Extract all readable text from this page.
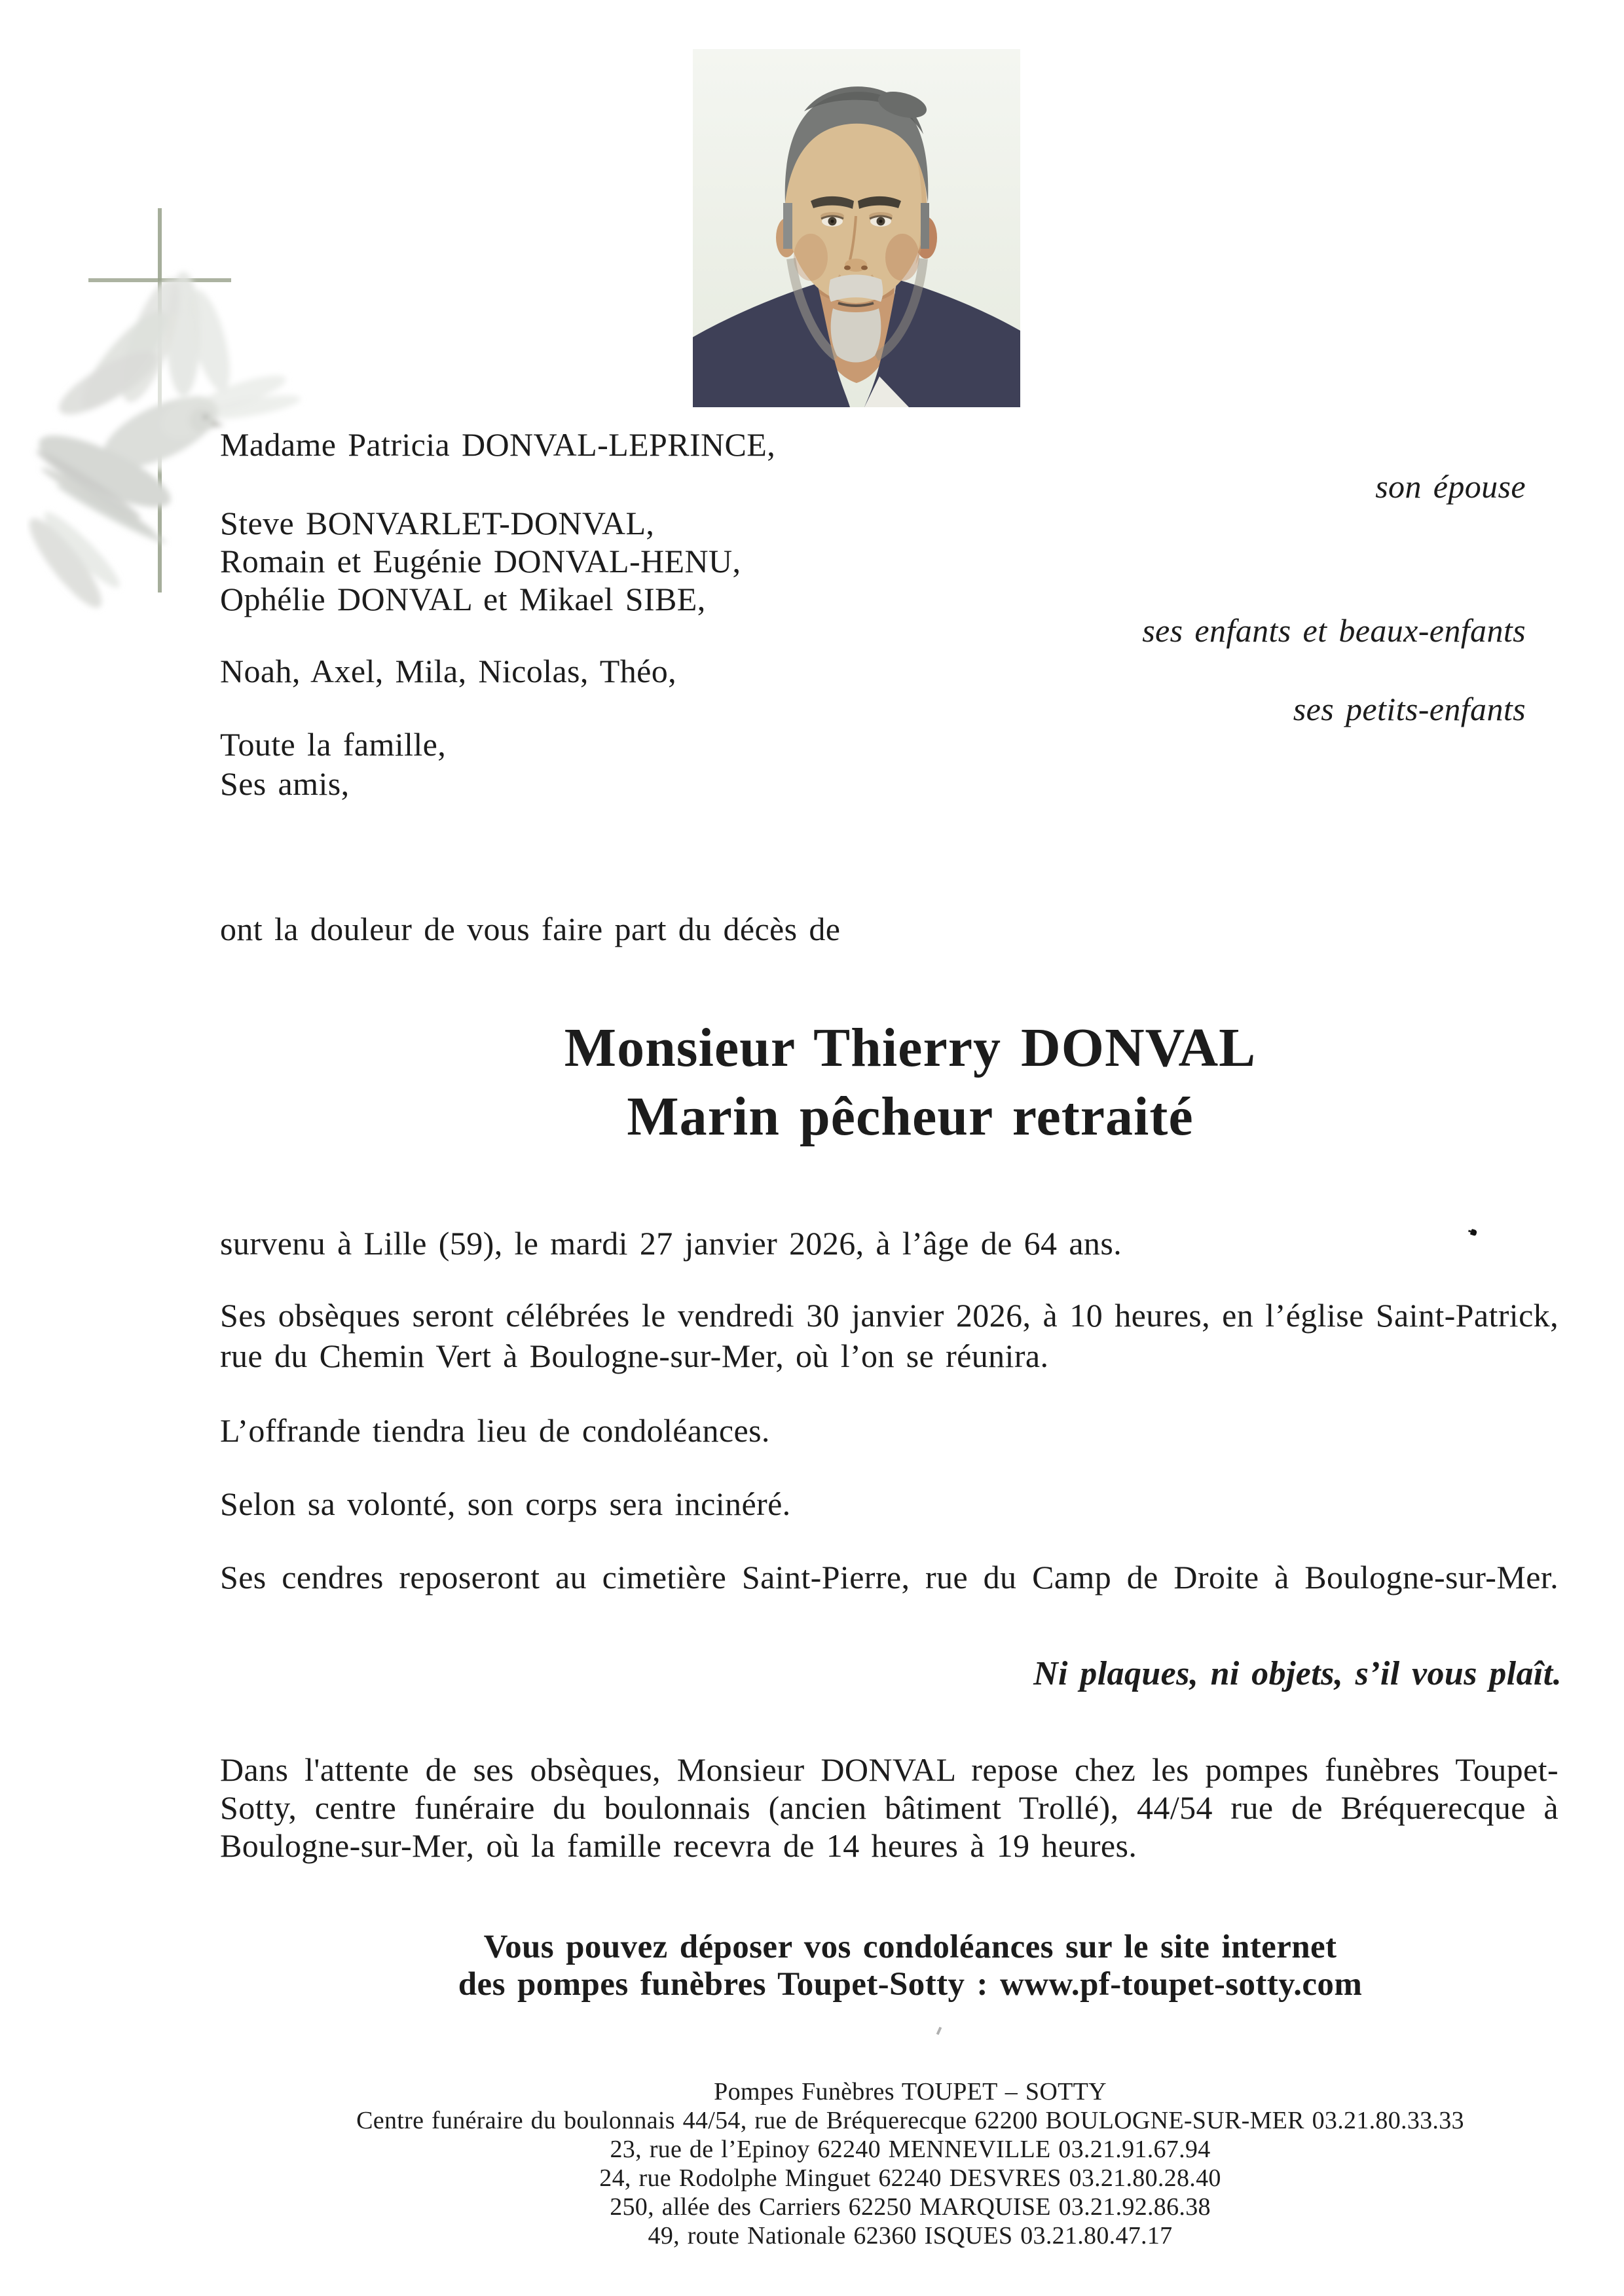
Madame Patricia DONVAL-LEPRINCE,
son épouse
Steve BONVARLET-DONVAL,
Romain et Eugénie DONVAL-HENU,
Ophélie DONVAL et Mikael SIBE,
ses enfants et beaux-enfants
Noah, Axel, Mila, Nicolas, Théo,
ses petits-enfants
Toute la famille,
Ses amis,
ont la douleur de vous faire part du décès de
Monsieur Thierry DONVAL
Marin pêcheur retraité
survenu à Lille (59), le mardi 27 janvier 2026, à l’âge de 64 ans.
Ses obsèques seront célébrées le vendredi 30 janvier 2026, à 10 heures, en l’église Saint-Patrick,
rue du Chemin Vert à Boulogne-sur-Mer, où l’on se réunira.
L’offrande tiendra lieu de condoléances.
Selon sa volonté, son corps sera incinéré.
Ses cendres reposeront au cimetière Saint-Pierre, rue du Camp de Droite à Boulogne-sur-Mer.
Ni plaques, ni objets, s’il vous plaît.
Dans l'attente de ses obsèques, Monsieur DONVAL repose chez les pompes funèbres Toupet-
Sotty, centre funéraire du boulonnais (ancien bâtiment Trollé), 44/54 rue de Bréquerecque à
Boulogne-sur-Mer, où la famille recevra de 14 heures à 19 heures.
Vous pouvez déposer vos condoléances sur le site internet
des pompes funèbres Toupet-Sotty : www.pf-toupet-sotty.com
Pompes Funèbres TOUPET – SOTTY
Centre funéraire du boulonnais 44/54, rue de Bréquerecque 62200 BOULOGNE-SUR-MER 03.21.80.33.33
23, rue de l’Epinoy 62240 MENNEVILLE 03.21.91.67.94
24, rue Rodolphe Minguet 62240 DESVRES 03.21.80.28.40
250, allée des Carriers 62250 MARQUISE 03.21.92.86.38
49, route Nationale 62360 ISQUES 03.21.80.47.17
